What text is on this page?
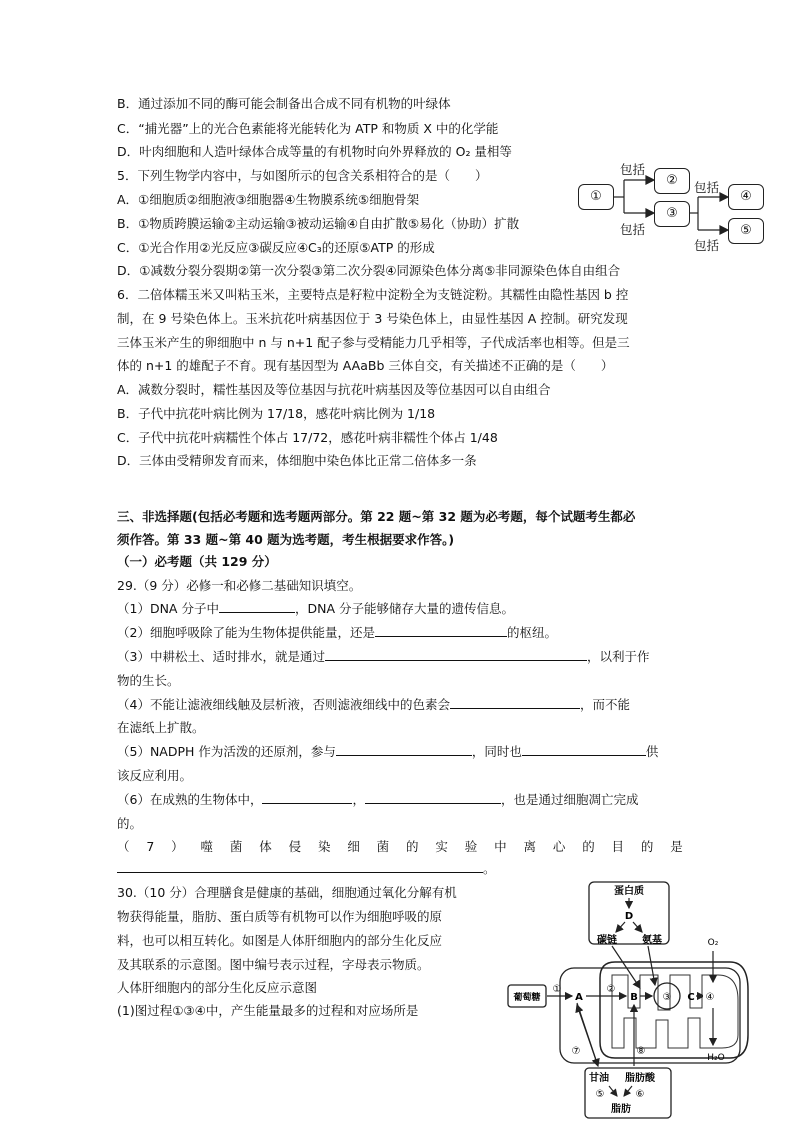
B．通过添加不同的酶可能会制备出合成不同有机物的叶绿体
C．“捕光器”上的光合色素能将光能转化为 ATP 和物质 X 中的化学能
D．叶肉细胞和人造叶绿体合成等量的有机物时向外界释放的 O₂ 量相等
5．下列生物学内容中，与如图所示的包含关系相符合的是（　　）
A．①细胞质②细胞液③细胞器④生物膜系统⑤细胞骨架
B．①物质跨膜运输②主动运输③被动运输④自由扩散⑤易化（协助）扩散
C．①光合作用②光反应③碳反应④C₃的还原⑤ATP 的形成
D．①减数分裂分裂期②第一次分裂③第二次分裂④同源染色体分离⑤非同源染色体自由组合
①
②
③
④
⑤
包括
包括
包括
包括
6．二倍体糯玉米又叫粘玉米，主要特点是籽粒中淀粉全为支链淀粉。其糯性由隐性基因 b 控
制，在 9 号染色体上。玉米抗花叶病基因位于 3 号染色体上，由显性基因 A 控制。研究发现
三体玉米产生的卵细胞中 n 与 n+1 配子参与受精能力几乎相等，子代成活率也相等。但是三
体的 n+1 的雄配子不育。现有基因型为 AAaBb 三体自交，有关描述不正确的是（　　）
A．减数分裂时，糯性基因及等位基因与抗花叶病基因及等位基因可以自由组合
B．子代中抗花叶病比例为 17/18，感花叶病比例为 1/18
C．子代中抗花叶病糯性个体占 17/72，感花叶病非糯性个体占 1/48
D．三体由受精卵发育而来，体细胞中染色体比正常二倍体多一条
三、非选择题(包括必考题和选考题两部分。第 22 题~第 32 题为必考题，每个试题考生都必
须作答。第 33 题~第 40 题为选考题，考生根据要求作答。)
（一）必考题（共 129 分）
29.（9 分）必修一和必修二基础知识填空。
（1）DNA 分子中	，DNA 分子能够储存大量的遗传信息。
（2）细胞呼吸除了能为生物体提供能量，还是	的枢纽。
（3）中耕松土、适时排水，就是通过	，以利于作
物的生长。
（4）不能让滤液细线触及层析液，否则滤液细线中的色素会	，而不能
在滤纸上扩散。
（5）NADPH 作为活泼的还原剂，参与	，同时也	供
该反应利用。
（6）在成熟的生物体中，	，	，也是通过细胞凋亡完成
的。
（ 7 ） 噬 菌 体 侵 染 细 菌 的 实 验 中 离 心 的 目 的 是
。
30.（10 分）合理膳食是健康的基础，细胞通过氧化分解有机
物获得能量，脂肪、蛋白质等有机物可以作为细胞呼吸的原
料，也可以相互转化。如图是人体肝细胞内的部分生化反应
及其联系的示意图。图中编号表示过程，字母表示物质。
人体肝细胞内的部分生化反应示意图
(1)图过程①③④中，产生能量最多的过程和对应场所是
蛋白质
D
碳链	氨基
葡萄糖
①
A
②
B ③ C ④
O₂
H₂O
甘油 脂肪酸
⑤	⑥
脂肪
⑦	⑧
